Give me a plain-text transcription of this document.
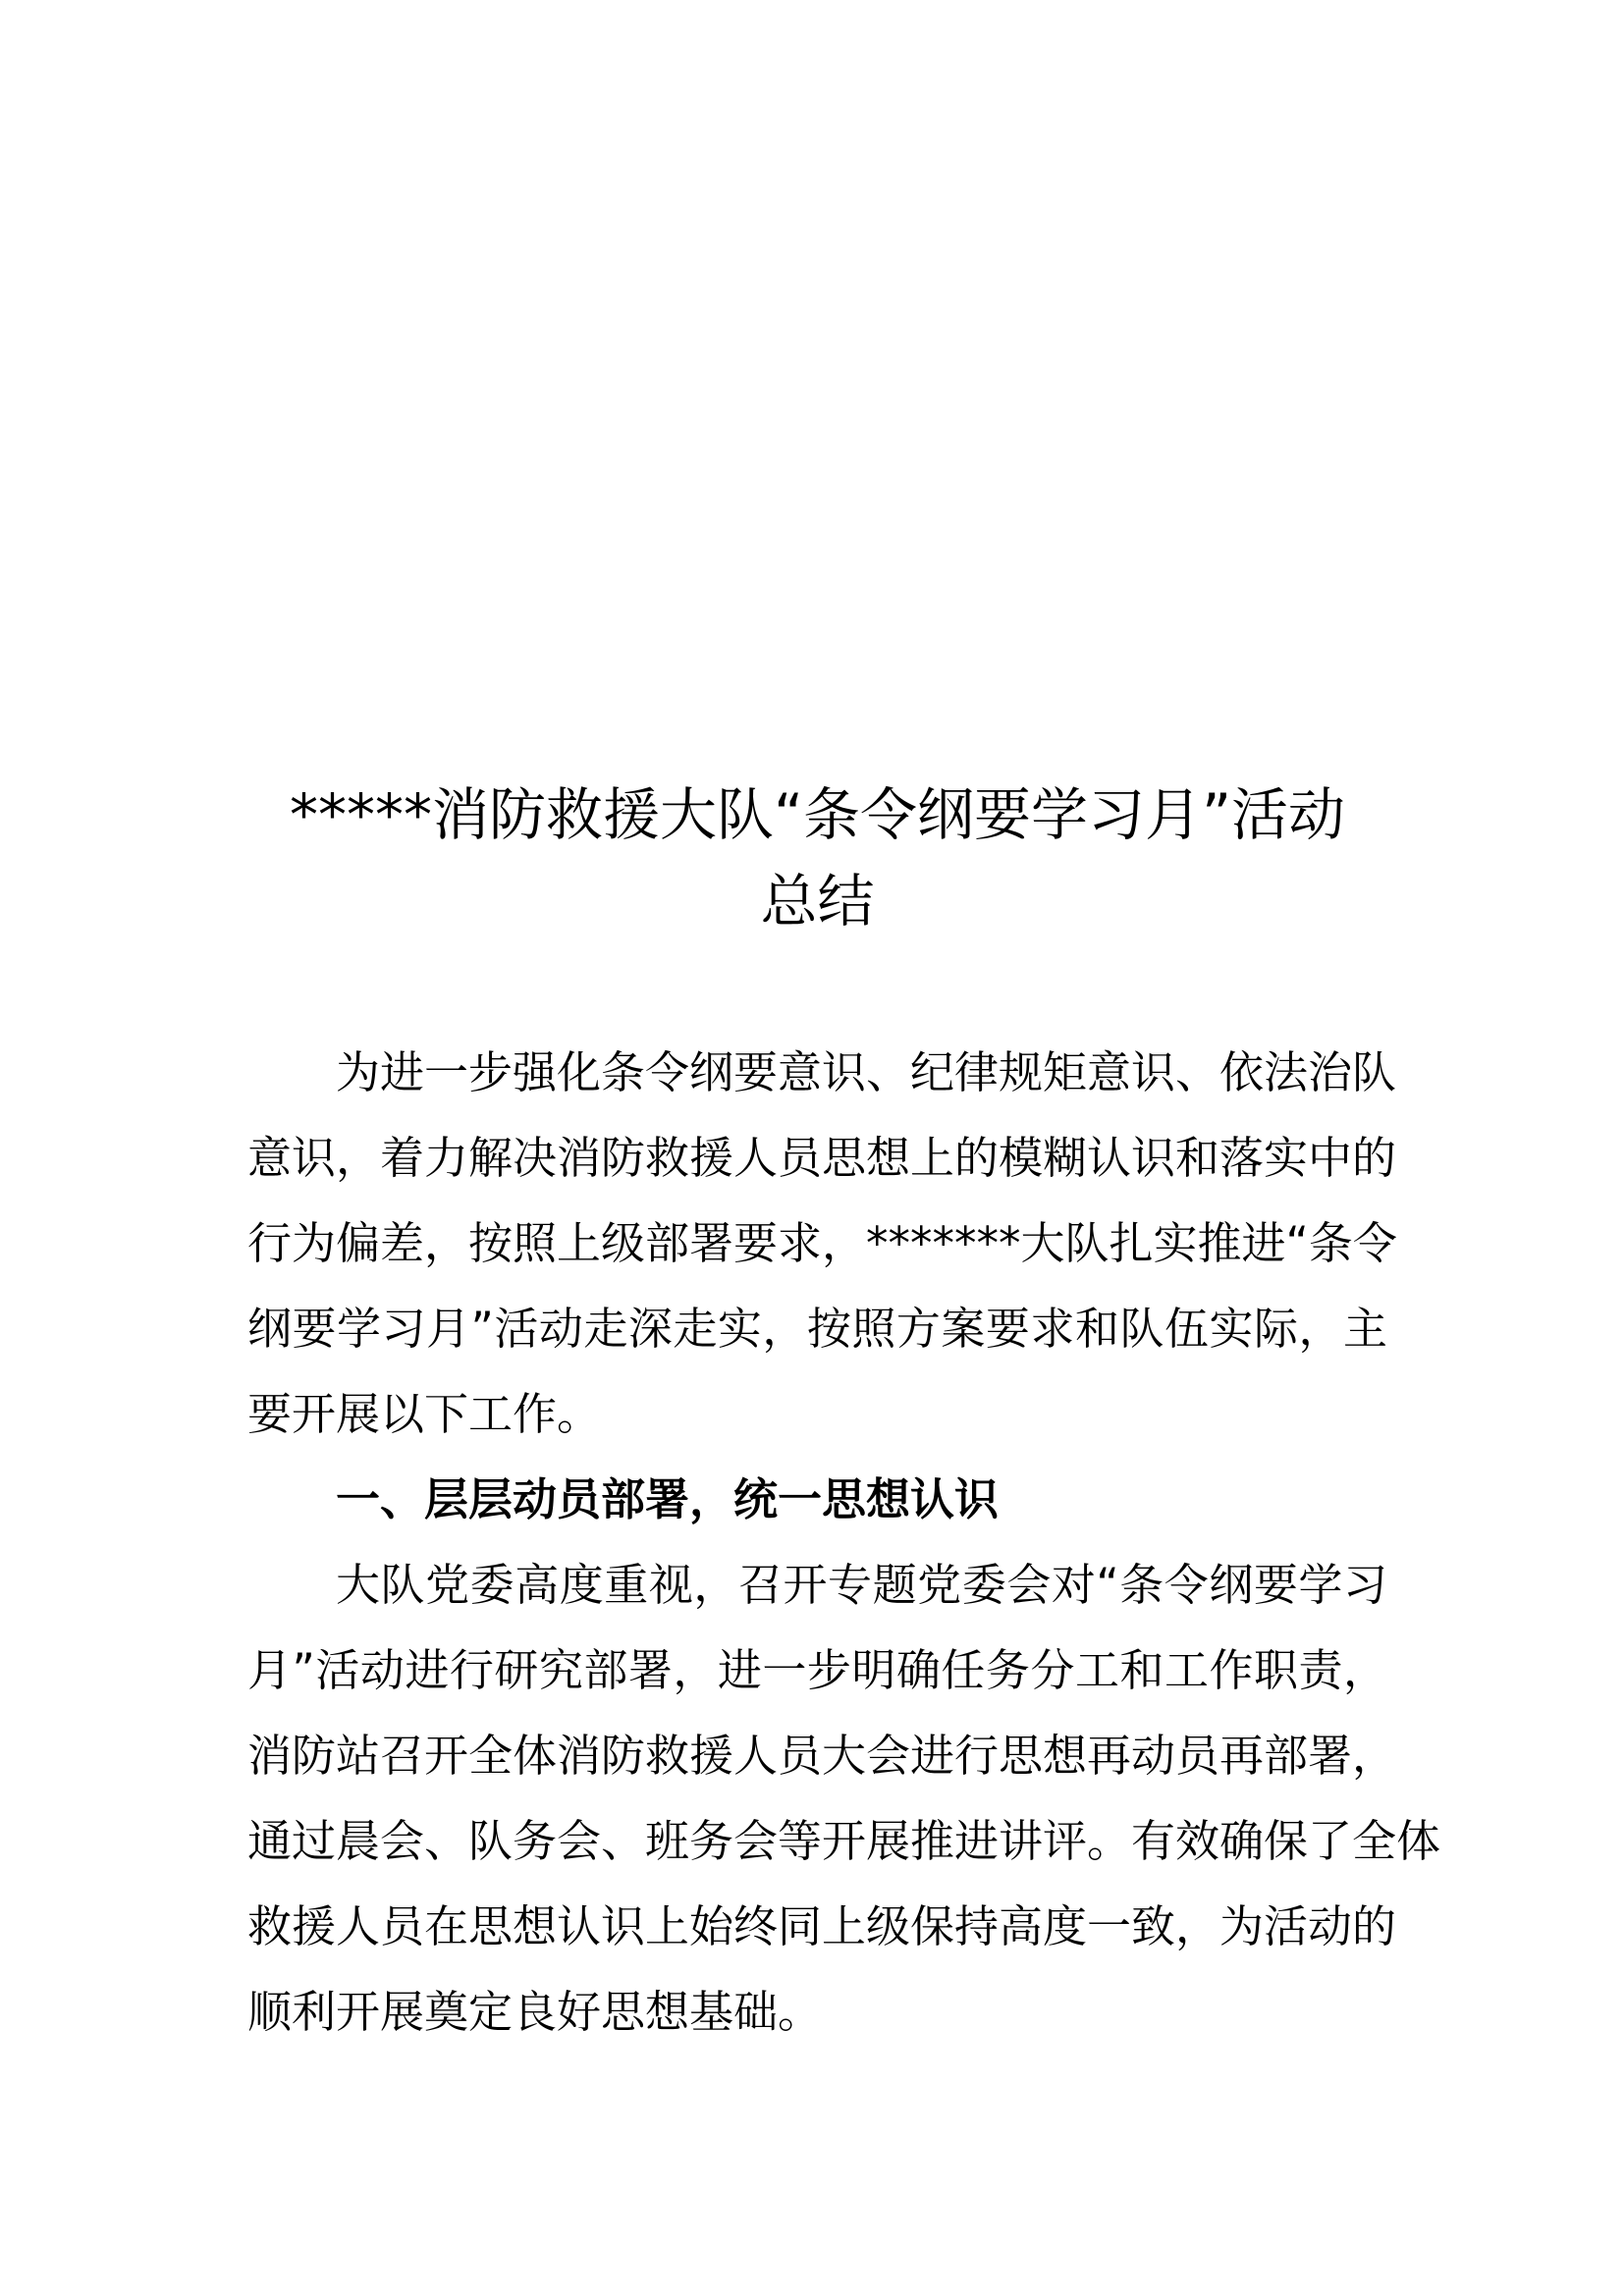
*****消防救援大队“条令纲要学习月”活动
总结
为进一步强化条令纲要意识、纪律规矩意识、依法治队
意识，着力解决消防救援人员思想上的模糊认识和落实中的
行为偏差，按照上级部署要求，*******大队扎实推进“条令
纲要学习月”活动走深走实，按照方案要求和队伍实际，主
要开展以下工作。
一、层层动员部署，统一思想认识
大队党委高度重视，召开专题党委会对“条令纲要学习
月”活动进行研究部署，进一步明确任务分工和工作职责，
消防站召开全体消防救援人员大会进行思想再动员再部署，
通过晨会、队务会、班务会等开展推进讲评。有效确保了全体
救援人员在思想认识上始终同上级保持高度一致，为活动的
顺利开展奠定良好思想基础。
